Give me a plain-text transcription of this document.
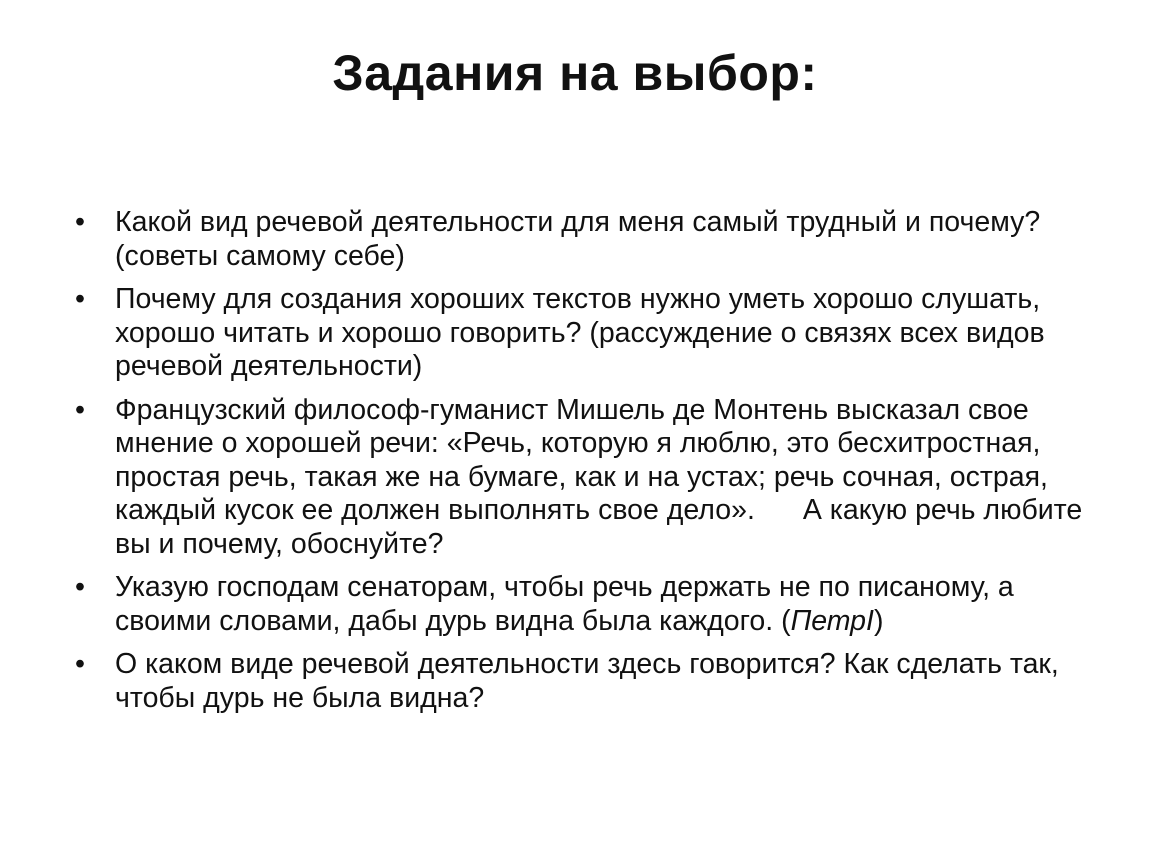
Задания на выбор:
• Какой вид речевой деятельности для меня самый трудный и почему? (советы самому себе)
• Почему для создания хороших текстов нужно уметь хорошо слушать, хорошо читать и хорошо говорить? (рассуждение о связях всех видов речевой деятельности)
• Французский философ-гуманист Мишель де Монтень высказал свое мнение о хорошей речи: «Речь, которую я люблю, это бесхитростная, простая речь, такая же на бумаге, как и на устах; речь сочная, острая, каждый кусок ее должен выполнять свое дело». А какую речь любите вы и почему, обоснуйте?
• Указую господам сенаторам, чтобы речь держать не по писаному, а своими словами, дабы дурь видна была каждого. (ПетрI)
• О каком виде речевой деятельности здесь говорится? Как сделать так, чтобы дурь не была видна?
